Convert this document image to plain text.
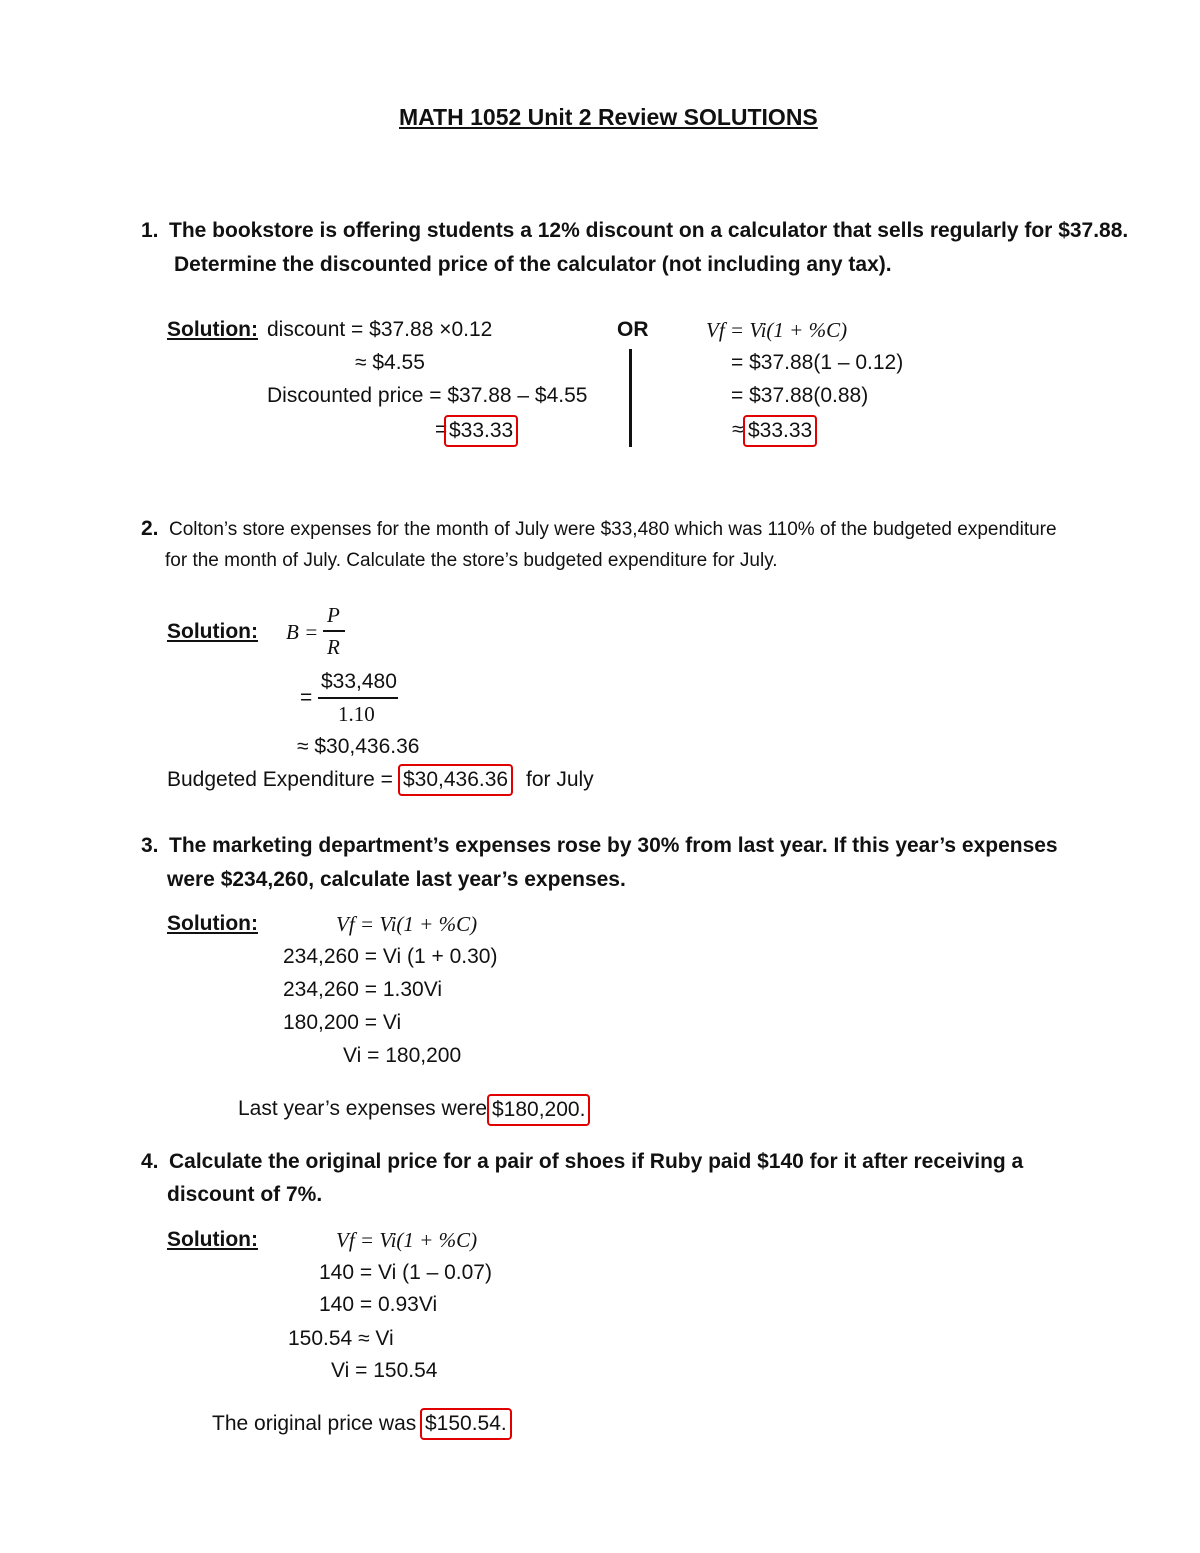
MATH 1052 Unit 2 Review SOLUTIONS
1. The bookstore is offering students a 12% discount on a calculator that sells regularly for $37.88.
Determine the discounted price of the calculator (not including any tax).
Solution: discount = $37.88 ×0.12
≈ $4.55
Discounted price = $37.88 – $4.55
= $33.33
OR	Vf = Vi(1 + %C)
= $37.88(1 – 0.12)
= $37.88(0.88)
≈ $33.33
2. Colton’s store expenses for the month of July were $33,480 which was 110% of the budgeted expenditure
for the month of July. Calculate the store’s budgeted expenditure for July.
Solution: B =
P
R
=
$33,480
1.10
≈ $30,436.36
Budgeted Expenditure = $30,436.36 for July
3. The marketing department’s expenses rose by 30% from last year. If this year’s expenses
were $234,260, calculate last year’s expenses.
Solution:	Vf = Vi(1 + %C)
234,260 = Vi (1 + 0.30)
234,260 = 1.30Vi
180,200 = Vi
Vi = 180,200
Last year’s expenses were $180,200.
4. Calculate the original price for a pair of shoes if Ruby paid $140 for it after receiving a
discount of 7%.
Solution:	Vf = Vi(1 + %C)
140 = Vi (1 – 0.07)
140 = 0.93Vi
150.54 ≈ Vi
Vi = 150.54
The original price was $150.54.
